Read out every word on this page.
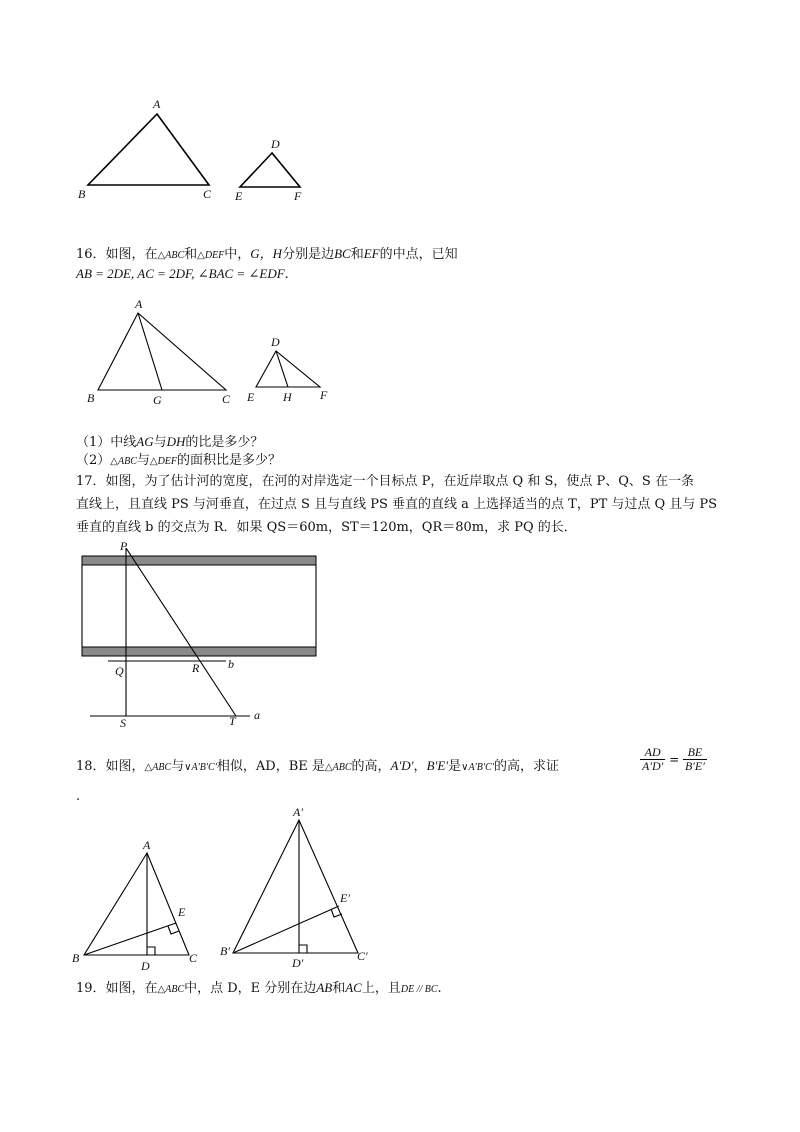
A
B	C
D
E	F
16．如图，在△ABC和△DEF中，G，H分别是边BC和EF的中点，已知
AB = 2DE, AC = 2DF, ∠BAC = ∠EDF.
A
B	G	C
D
E H F
（1）中线AG与DH的比是多少？
（2）△ABC与△DEF的面积比是多少？
17．如图，为了估计河的宽度，在河的对岸选定一个目标点 P，在近岸取点 Q 和 S，使点 P、Q、S 在一条
直线上，且直线 PS 与河垂直，在过点 S 且与直线 PS 垂直的直线 a 上选择适当的点 T，PT 与过点 Q 且与 PS
垂直的直线 b 的交点为 R．如果 QS＝60m，ST＝120m，QR＝80m，求 PQ 的长．
P
Q	R b
S	T a
18．如图，△ABC与∨A′B′C′相似，AD，BE 是△ABC的高，A′D′，B′E′是∨A′B′C′的高，求证	$\frac{AD}{A'D'} = \frac{BE}{B'E'}$
.
A
E
B
D
C
A′
E′
B′
D′	C′
19．如图，在△ABC中，点 D，E 分别在边AB和AC上，且DE // BC.
